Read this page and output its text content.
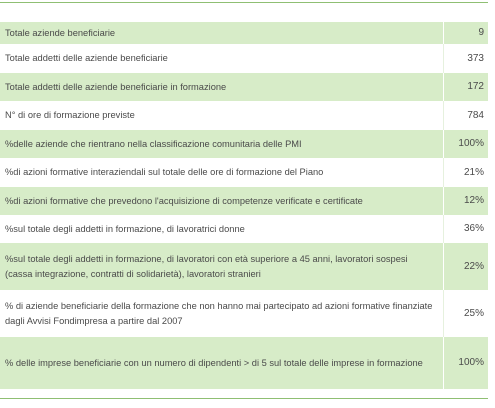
Totale aziende beneficiarie	9
Totale addetti delle aziende beneficiarie	373
Totale addetti delle aziende beneficiarie in formazione	172
N° di ore di formazione previste	784
%delle aziende che rientrano nella classificazione comunitaria delle PMI	100%
%di azioni formative interaziendali sul totale delle ore di formazione del Piano	21%
%di azioni formative che prevedono l'acquisizione di competenze verificate e certificate	12%
%sul totale degli addetti in formazione, di lavoratrici donne	36%
%sul totale degli addetti in formazione, di lavoratori con età superiore a 45 anni, lavoratori sospesi (cassa integrazione, contratti di solidarietà), lavoratori stranieri	22%
% di aziende beneficiarie della formazione che non hanno mai partecipato ad azioni formative finanziate dagli Avvisi Fondimpresa a partire dal 2007	25%
% delle imprese beneficiarie con un numero di dipendenti > di 5 sul totale delle imprese in formazione	100%
